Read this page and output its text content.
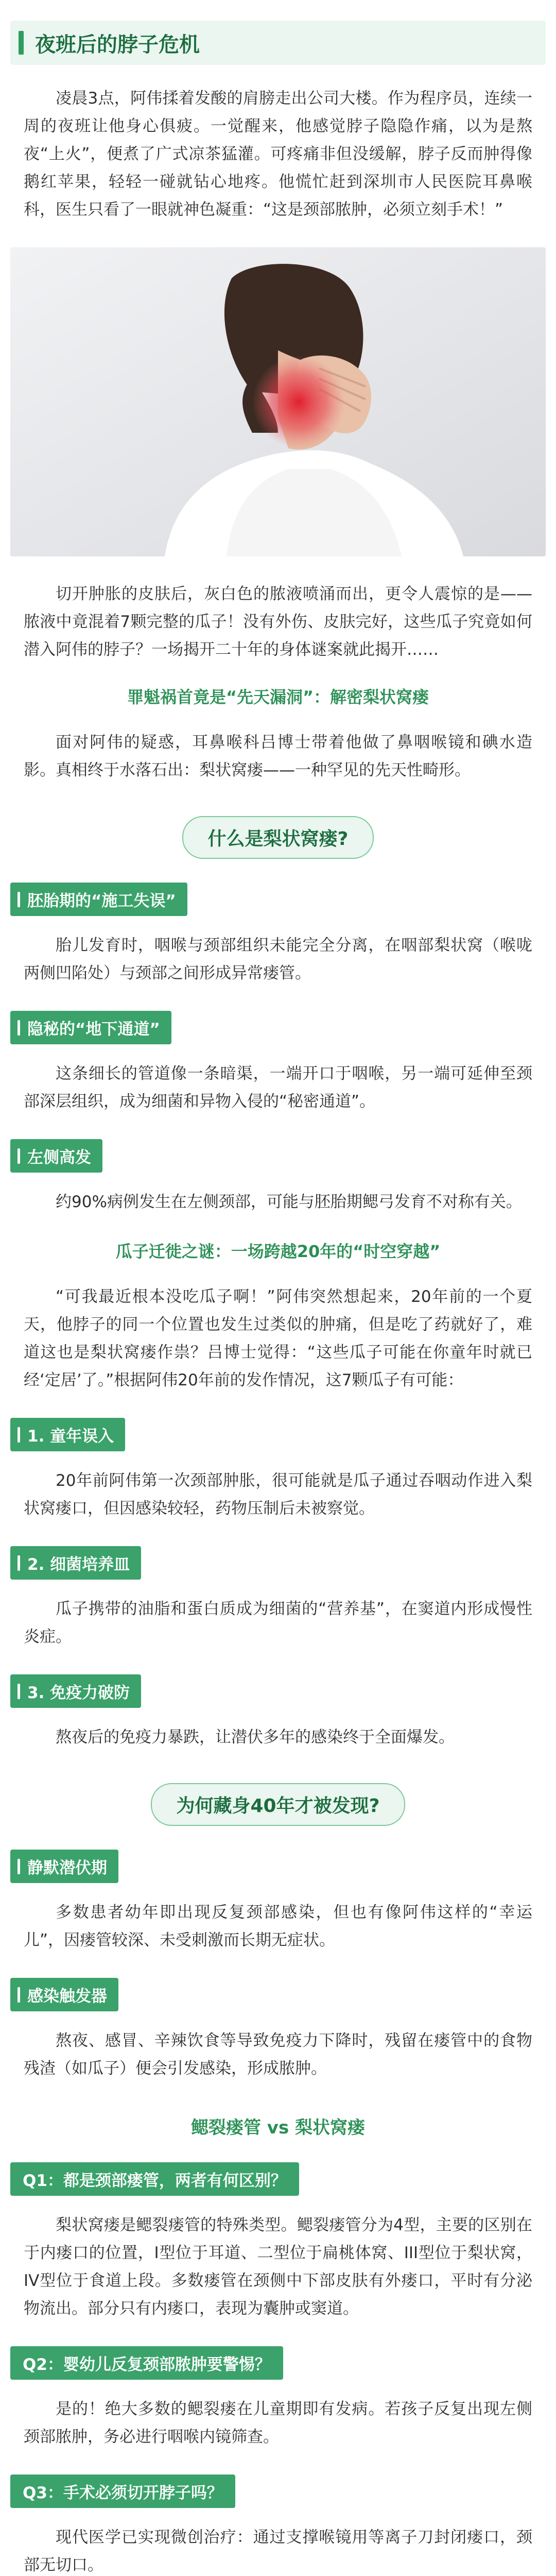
夜班后的脖子危机

凌晨3点，阿伟揉着发酸的肩膀走出公司大楼。作为程序员，连续一周的夜班让他身心俱疲。一觉醒来，他感觉脖子隐隐作痛，以为是熬夜“上火”，便煮了广式凉茶猛灌。可疼痛非但没缓解，脖子反而肿得像鹅红苹果，轻轻一碰就钻心地疼。他慌忙赶到深圳市人民医院耳鼻喉科，医生只看了一眼就神色凝重：“这是颈部脓肿，必须立刻手术！”

切开肿胀的皮肤后，灰白色的脓液喷涌而出，更令人震惊的是——脓液中竟混着7颗完整的瓜子！没有外伤、皮肤完好，这些瓜子究竟如何潜入阿伟的脖子？一场揭开二十年的身体谜案就此揭开……

罪魁祸首竟是“先天漏洞”：解密梨状窝瘘

面对阿伟的疑惑，耳鼻喉科吕博士带着他做了鼻咽喉镜和碘水造影。真相终于水落石出：梨状窝瘘——一种罕见的先天性畸形。

什么是梨状窝瘘?
胚胎期的“施工失误”

胎儿发育时，咽喉与颈部组织未能完全分离，在咽部梨状窝（喉咙两侧凹陷处）与颈部之间形成异常瘘管。

隐秘的“地下通道”

这条细长的管道像一条暗渠，一端开口于咽喉，另一端可延伸至颈部深层组织，成为细菌和异物入侵的“秘密通道”。

左侧高发

约90%病例发生在左侧颈部，可能与胚胎期鳃弓发育不对称有关。

瓜子迁徙之谜：一场跨越20年的“时空穿越”

“可我最近根本没吃瓜子啊！”阿伟突然想起来，20年前的一个夏天，他脖子的同一个位置也发生过类似的肿痛，但是吃了药就好了，难道这也是梨状窝瘘作祟？吕博士觉得：“这些瓜子可能在你童年时就已经‘定居’了。”根据阿伟20年前的发作情况，这7颗瓜子有可能：

1. 童年误入

20年前阿伟第一次颈部肿胀，很可能就是瓜子通过吞咽动作进入梨状窝瘘口，但因感染较轻，药物压制后未被察觉。

2. 细菌培养皿

瓜子携带的油脂和蛋白质成为细菌的“营养基”，在窦道内形成慢性炎症。

3. 免疫力破防

熬夜后的免疫力暴跌，让潜伏多年的感染终于全面爆发。

为何藏身40年才被发现?
静默潜伏期

多数患者幼年即出现反复颈部感染，但也有像阿伟这样的“幸运儿”，因瘘管较深、未受刺激而长期无症状。

感染触发器

熬夜、感冒、辛辣饮食等导致免疫力下降时，残留在瘘管中的食物残渣（如瓜子）便会引发感染，形成脓肿。

鳃裂瘘管 vs 梨状窝瘘
Q1：都是颈部瘘管，两者有何区别？

梨状窝瘘是鳃裂瘘管的特殊类型。鳃裂瘘管分为4型，主要的区别在于内瘘口的位置，I型位于耳道、二型位于扁桃体窝、III型位于梨状窝，IV型位于食道上段。多数瘘管在颈侧中下部皮肤有外瘘口，平时有分泌物流出。部分只有内瘘口，表现为囊肿或窦道。

Q2：婴幼儿反复颈部脓肿要警惕？

是的！绝大多数的鳃裂瘘在儿童期即有发病。若孩子反复出现左侧颈部脓肿，务必进行咽喉内镜筛查。

Q3：手术必须切开脖子吗？

现代医学已实现微创治疗：通过支撑喉镜用等离子刀封闭瘘口，颈部无切口。
